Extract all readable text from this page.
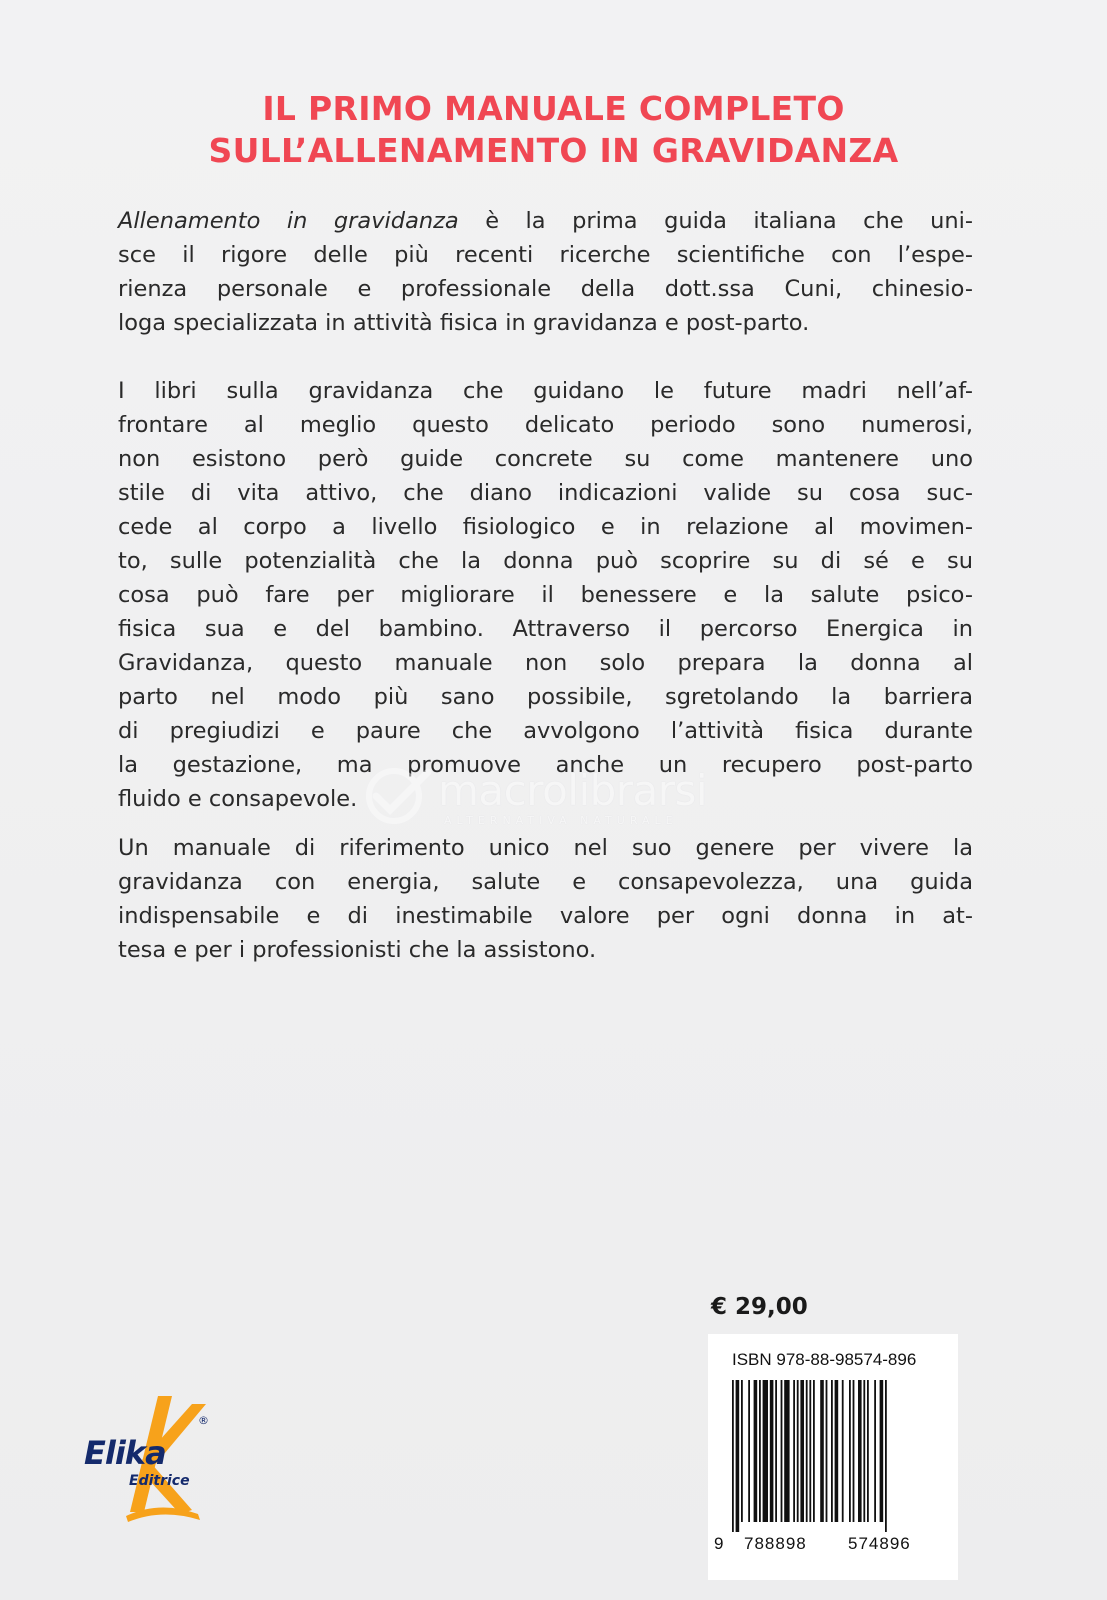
IL PRIMO MANUALE COMPLETO
SULL’ALLENAMENTO IN GRAVIDANZA
Allenamento in gravidanza è la prima guida italiana che uni-
sce il rigore delle più recenti ricerche scientifiche con l’espe-
rienza personale e professionale della dott.ssa Cuni, chinesio-
loga specializzata in attività fisica in gravidanza e post-parto.
I libri sulla gravidanza che guidano le future madri nell’af-
frontare al meglio questo delicato periodo sono numerosi,
non esistono però guide concrete su come mantenere uno
stile di vita attivo, che diano indicazioni valide su cosa suc-
cede al corpo a livello fisiologico e in relazione al movimen-
to, sulle potenzialità che la donna può scoprire su di sé e su
cosa può fare per migliorare il benessere e la salute psico-
fisica sua e del bambino. Attraverso il percorso Energica in
Gravidanza, questo manuale non solo prepara la donna al
parto nel modo più sano possibile, sgretolando la barriera
di pregiudizi e paure che avvolgono l’attività fisica durante
la gestazione, ma promuove anche un recupero post-parto
fluido e consapevole.
Un manuale di riferimento unico nel suo genere per vivere la
gravidanza con energia, salute e consapevolezza, una guida
indispensabile e di inestimabile valore per ogni donna in at-
tesa e per i professionisti che la assistono.
macrolibrarsi
ALTERNATIVA NATURALE
€ 29,00
ISBN 978-88-98574-896
9 788898 574896
Elika
Editrice
®
